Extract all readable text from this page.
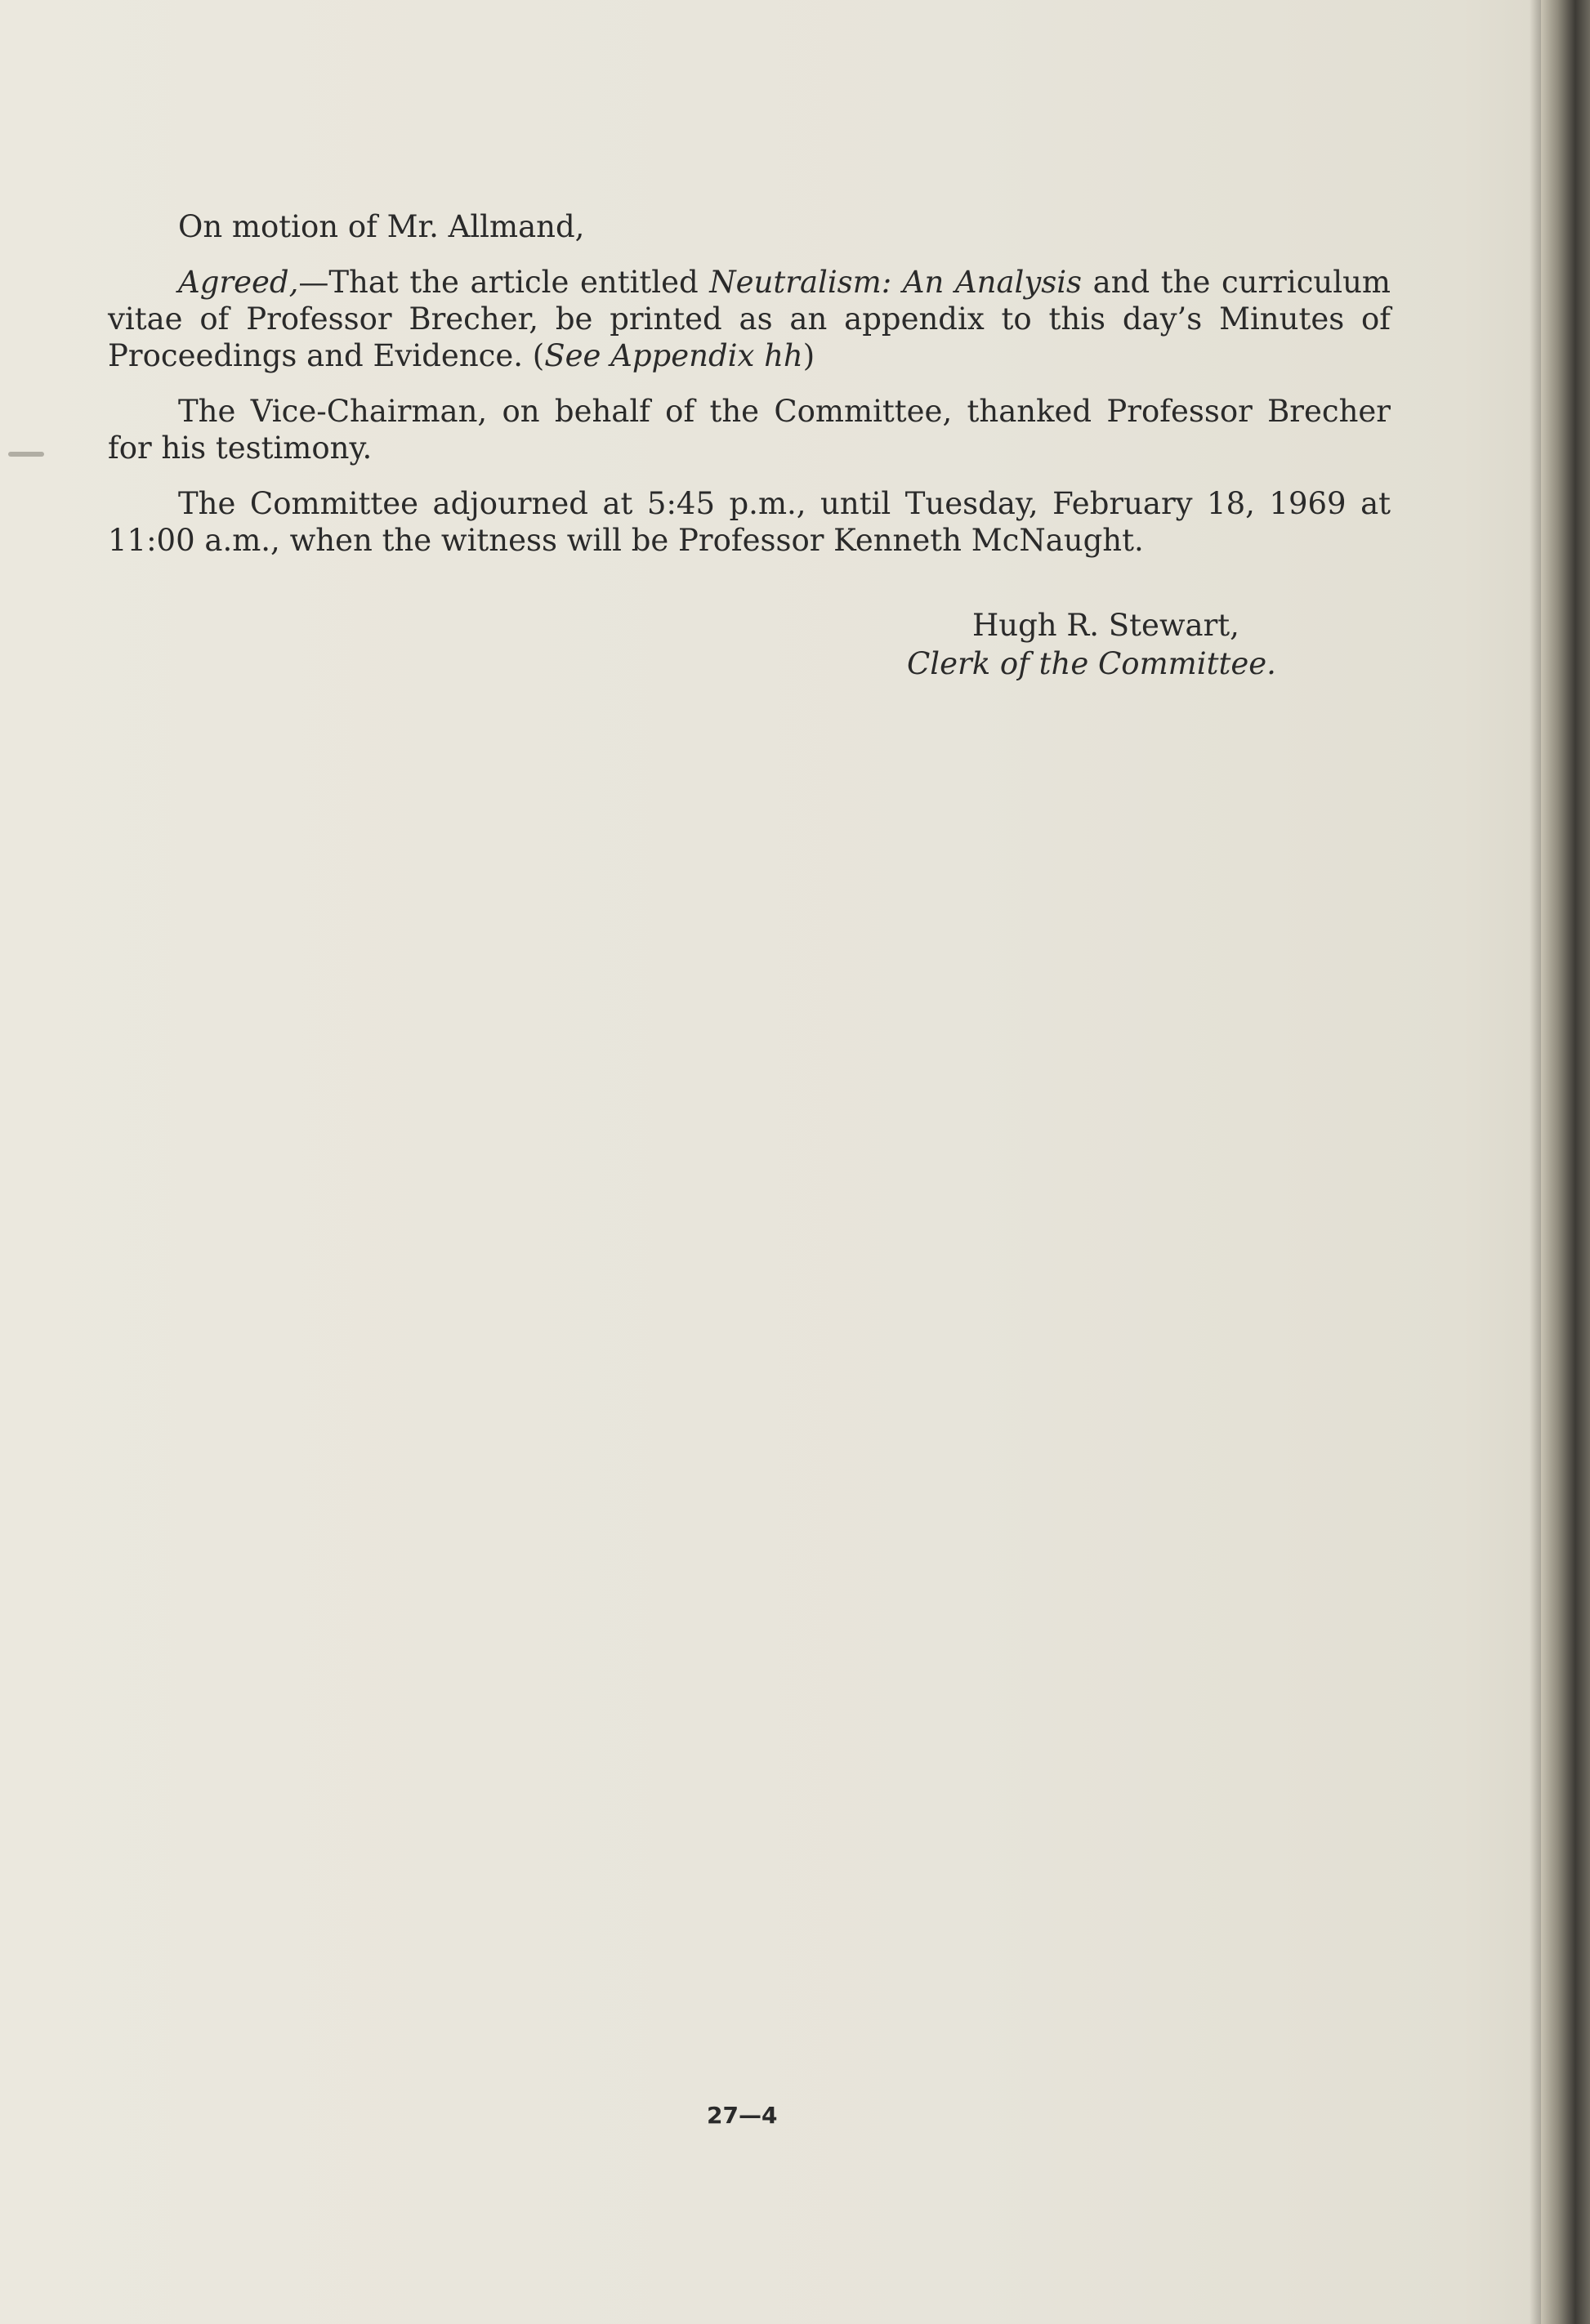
On motion of Mr. Allmand,

Agreed,—That the article entitled Neutralism: An Analysis and the curriculum vitae of Professor Brecher, be printed as an appendix to this day’s Minutes of Proceedings and Evidence. (See Appendix hh)

The Vice-Chairman, on behalf of the Committee, thanked Professor Brecher for his testimony.

The Committee adjourned at 5:45 p.m., until Tuesday, February 18, 1969 at 11:00 a.m., when the witness will be Professor Kenneth McNaught.

Hugh R. Stewart,
Clerk of the Committee.
27—4
